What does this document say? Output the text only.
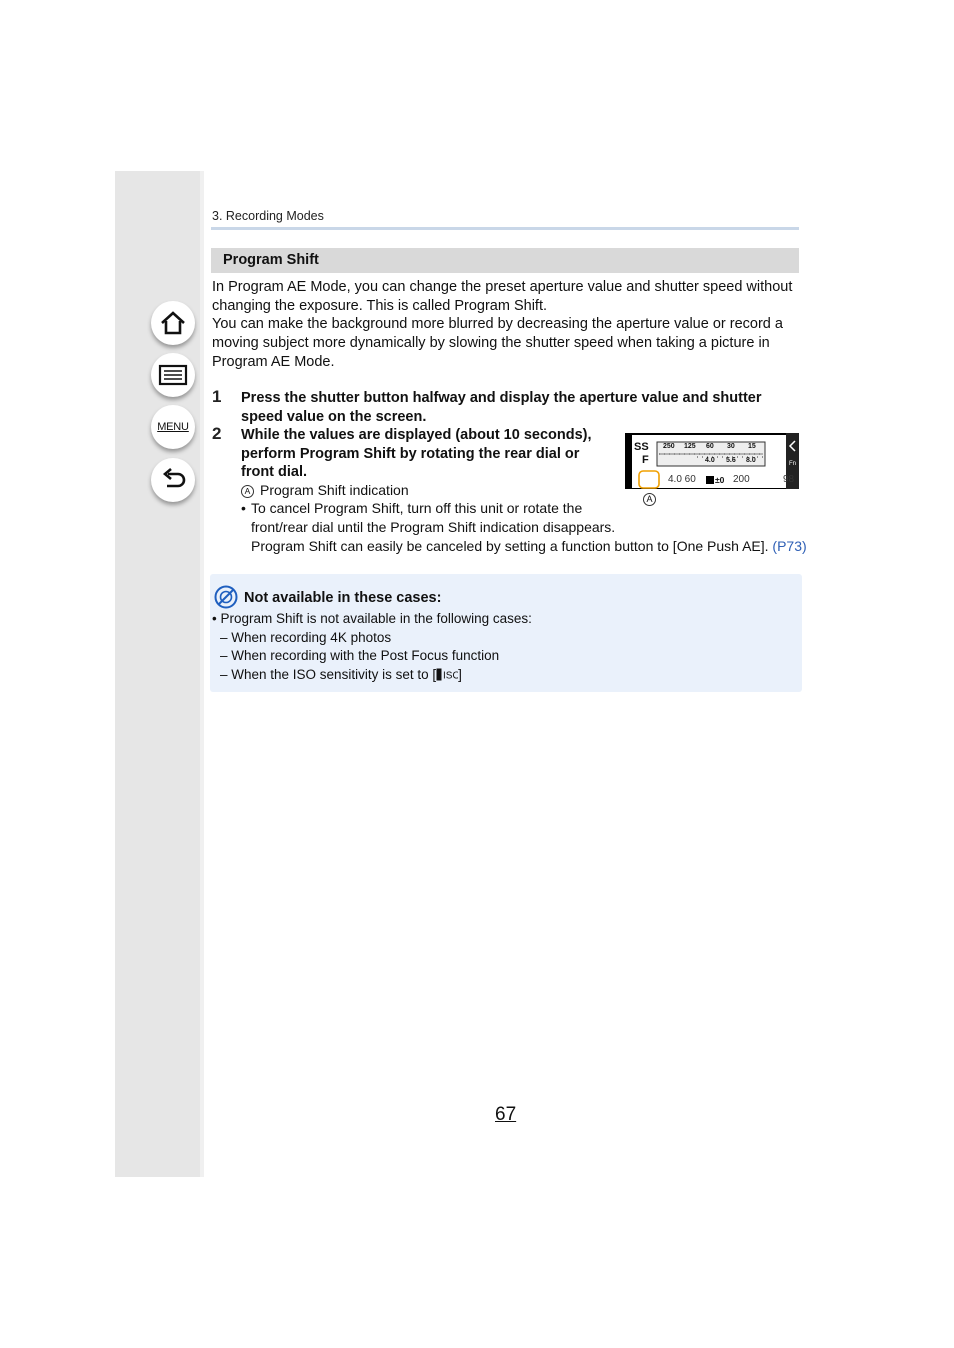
MENU
3. Recording Modes
Program Shift

In Program AE Mode, you can change the preset aperture value and shutter speed without changing the exposure. This is called Program Shift.

You can make the background more blurred by decreasing the aperture value or record a moving subject more dynamically by slowing the shutter speed when taking a picture in Program AE Mode.

1 Press the shutter button halfway and display the aperture value and shutter speed value on the screen.
2 While the values are displayed (about 10 seconds),
perform Program Shift by rotating the rear dial or
front dial.
A Program Shift indication
• To cancel Program Shift, turn off this unit or rotate the
front/rear dial until the Program Shift indication disappears.
Program Shift can easily be canceled by setting a function button to [One Push AE]. (P73)
SS
F
250 125 60 30 15
4.0 5.6 8.0
4.0 60 ±0 200	98
Fn
A
Not available in these cases:
• Program Shift is not available in the following cases:
– When recording 4K photos
– When recording with the Post Focus function
– When the ISO sensitivity is set to [ ISO
]
67
